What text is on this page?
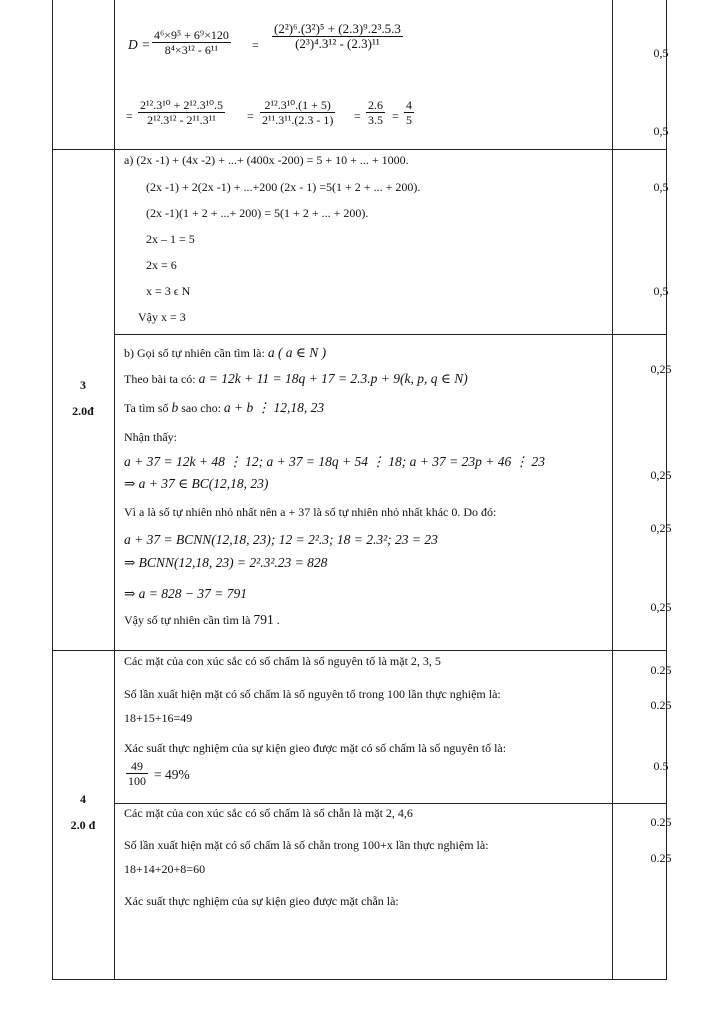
$D = \frac{\text{4⁶×9⁵ + 6⁹×120}}{\text{8⁴×3¹² - 6¹¹}} = \frac{\text{(2²)⁶.(3²)⁵ + (2.3)⁹.2³.5.3}}{\text{(2³)⁴.3¹² - (2.3)¹¹}}$
= $\frac{\text{2¹².3¹⁰ + 2¹².3¹⁰.5}}{\text{2¹².3¹² - 2¹¹.3¹¹}} = \frac{\text{2¹².3¹⁰.(1 + 5)}}{\text{2¹¹.3¹¹.(2.3 - 1)}} = \frac{2.6}{3.5} = \frac{4}{5}$
0,5
0,5
a) (2x -1) + (4x -2) + ...+ (400x -200) = 5 + 10 + ... + 1000.
(2x -1) + 2(2x -1) + ...+200 (2x - 1) =5(1 + 2 + ... + 200).
(2x -1)(1 + 2 + ...+ 200) = 5(1 + 2 + ... + 200).
2x – 1 = 5
2x = 6
x = 3 ϵ N
Vậy x = 3
0,5
0,5
3
2.0đ
b) Gọi số tự nhiên cần tìm là: a ( a ∈ N )
Theo bài ta có: a = 12k + 11 = 18q + 17 = 2.3.p + 9(k, p, q ∈ N)
Ta tìm số b sao cho: a + b ⋮ 12,18, 23
Nhận thấy:
a + 37 = 12k + 48 ⋮ 12; a + 37 = 18q + 54 ⋮ 18; a + 37 = 23p + 46 ⋮ 23
⇒ a + 37 ∈ BC(12,18, 23)
Vì a là số tự nhiên nhỏ nhất nên a + 37 là số tự nhiên nhỏ nhất khác 0. Do đó:
a + 37 = BCNN(12,18, 23); 12 = 2².3; 18 = 2.3²; 23 = 23
⇒ BCNN(12,18, 23) = 2².3².23 = 828
⇒ a = 828 − 37 = 791
Vậy số tự nhiên cần tìm là 791 .
0,25
0,25
0,25
0,25
4
2.0 đ
Các mặt của con xúc sắc có số chấm là số nguyên tố là mặt 2, 3, 5
Số lần xuất hiện mặt có số chấm là số nguyên tố trong 100 lần thực nghiệm là:
18+15+16=49
Xác suất thực nghiệm của sự kiện gieo được mặt có số chấm là số nguyên tố là:
$\frac{49}{100} = 49\%$
0.25
0.25
0.5
Các mặt của con xúc sắc có số chấm là số chẵn là mặt 2, 4,6
Số lần xuất hiện mặt có số chấm là số chẵn trong 100+x lần thực nghiệm là:
18+14+20+8=60
Xác suất thực nghiệm của sự kiện gieo được mặt chẵn là:
0.25
0.25
